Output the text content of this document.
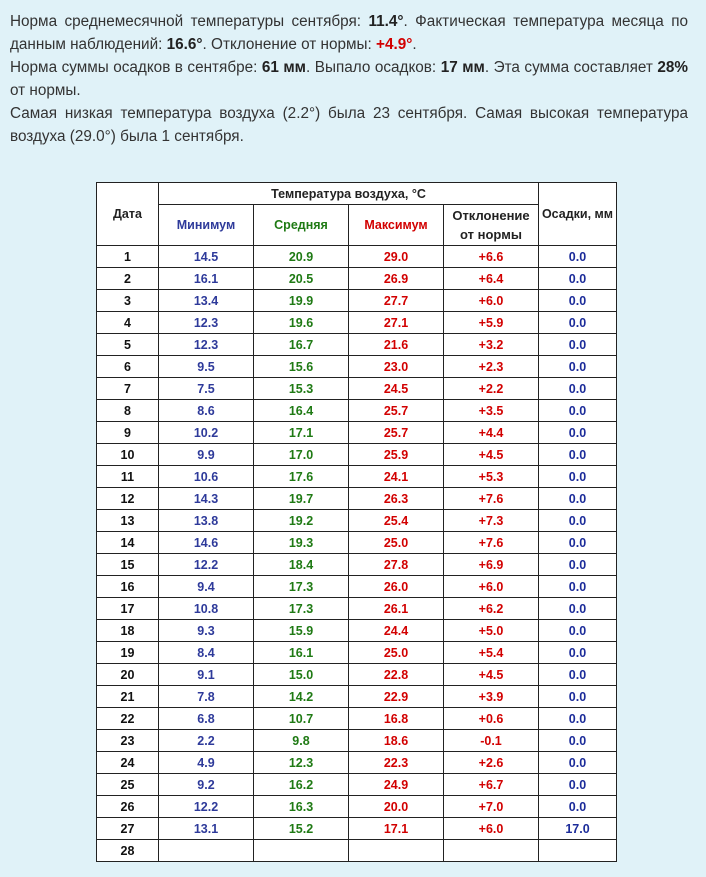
Норма среднемесячной температуры сентября: 11.4°. Фактическая температура месяца по данным наблюдений: 16.6°. Отклонение от нормы: +4.9°.

Норма суммы осадков в сентябре: 61 мм. Выпало осадков: 17 мм. Эта сумма составляет 28% от нормы.

Самая низкая температура воздуха (2.2°) была 23 сентября. Самая высокая температура воздуха (29.0°) была 1 сентября.

Дата	Температура воздуха, °C				Осадки, мм
	Минимум	Средняя	Максимум	Отклонение
от нормы	
1	14.5	20.9	29.0	+6.6	0.0
2	16.1	20.5	26.9	+6.4	0.0
3	13.4	19.9	27.7	+6.0	0.0
4	12.3	19.6	27.1	+5.9	0.0
5	12.3	16.7	21.6	+3.2	0.0
6	9.5	15.6	23.0	+2.3	0.0
7	7.5	15.3	24.5	+2.2	0.0
8	8.6	16.4	25.7	+3.5	0.0
9	10.2	17.1	25.7	+4.4	0.0
10	9.9	17.0	25.9	+4.5	0.0
11	10.6	17.6	24.1	+5.3	0.0
12	14.3	19.7	26.3	+7.6	0.0
13	13.8	19.2	25.4	+7.3	0.0
14	14.6	19.3	25.0	+7.6	0.0
15	12.2	18.4	27.8	+6.9	0.0
16	9.4	17.3	26.0	+6.0	0.0
17	10.8	17.3	26.1	+6.2	0.0
18	9.3	15.9	24.4	+5.0	0.0
19	8.4	16.1	25.0	+5.4	0.0
20	9.1	15.0	22.8	+4.5	0.0
21	7.8	14.2	22.9	+3.9	0.0
22	6.8	10.7	16.8	+0.6	0.0
23	2.2	9.8	18.6	-0.1	0.0
24	4.9	12.3	22.3	+2.6	0.0
25	9.2	16.2	24.9	+6.7	0.0
26	12.2	16.3	20.0	+7.0	0.0
27	13.1	15.2	17.1	+6.0	17.0
28					
